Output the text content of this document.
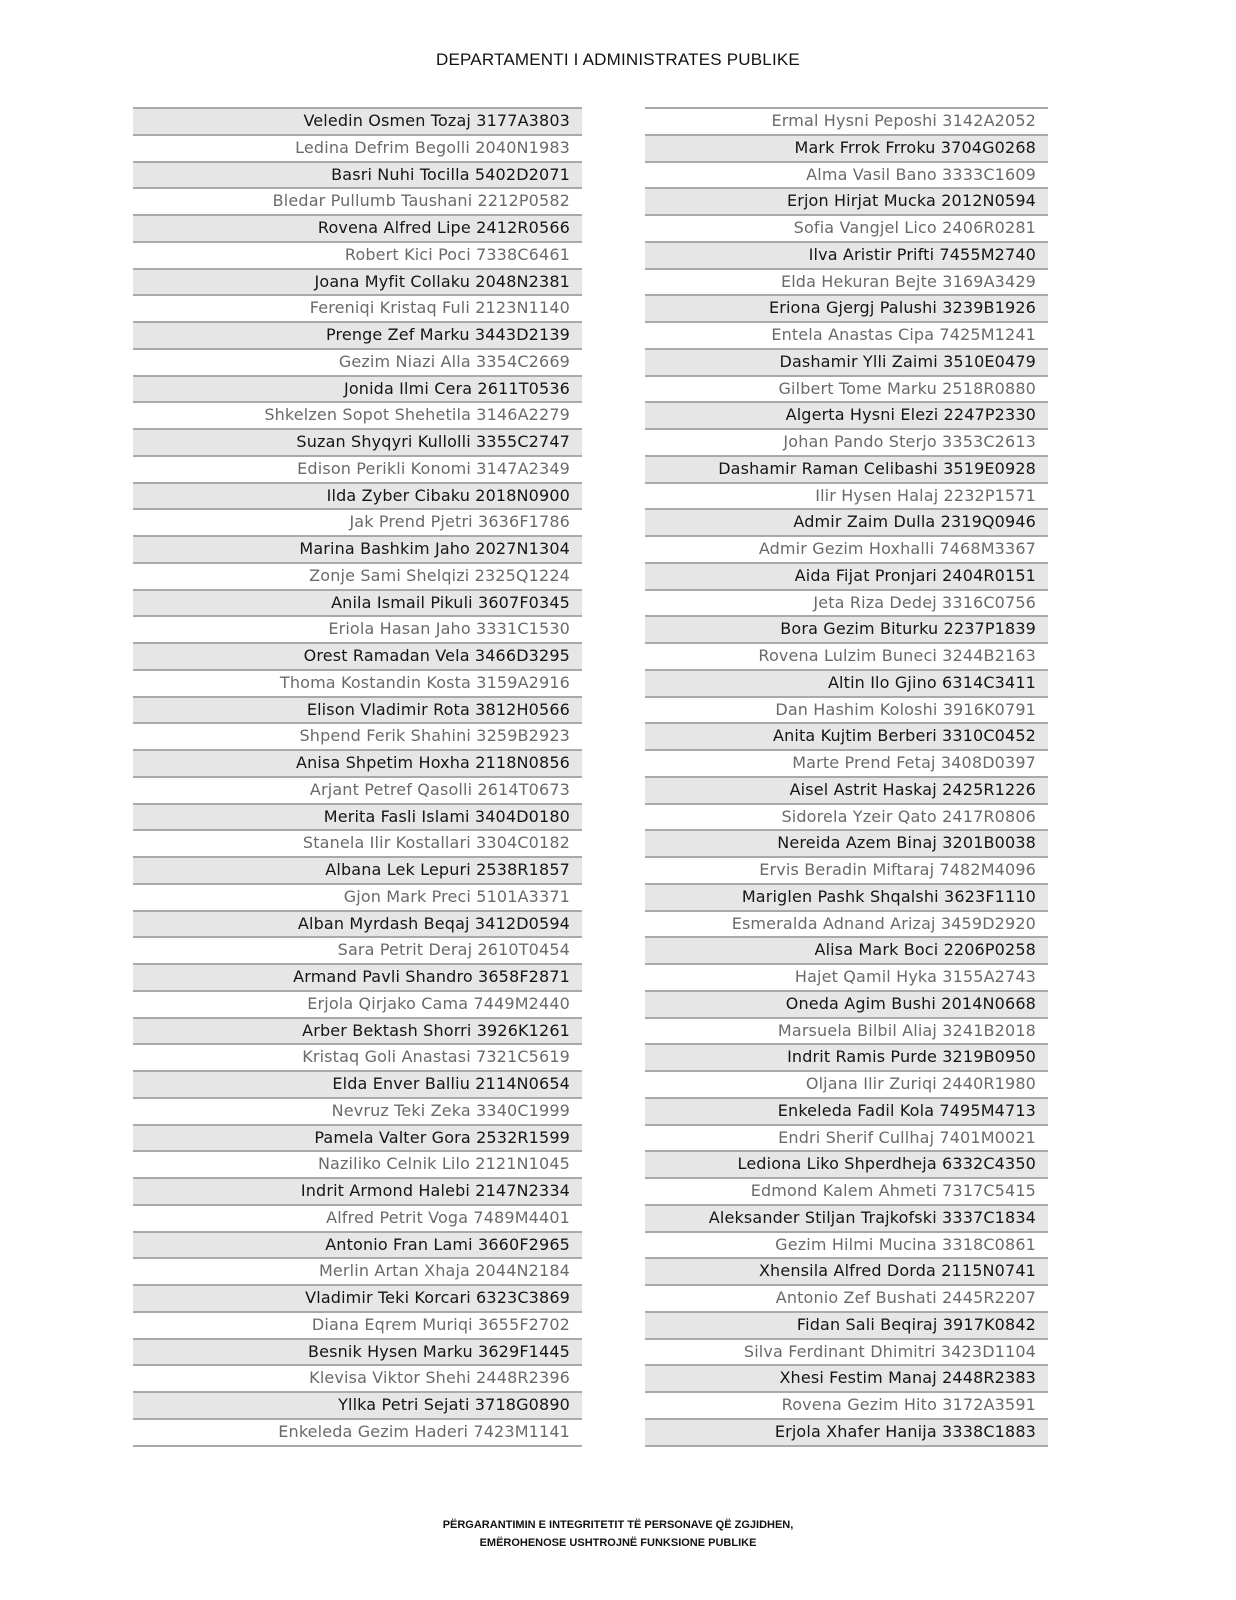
DEPARTAMENTI I ADMINISTRATES PUBLIKE
Veledin Osmen Tozaj 3177A3803
Ledina Defrim Begolli 2040N1983
Basri Nuhi Tocilla 5402D2071
Bledar Pullumb Taushani 2212P0582
Rovena Alfred Lipe 2412R0566
Robert Kici Poci 7338C6461
Joana Myfit Collaku 2048N2381
Fereniqi Kristaq Fuli 2123N1140
Prenge Zef Marku 3443D2139
Gezim Niazi Alla 3354C2669
Jonida Ilmi Cera 2611T0536
Shkelzen Sopot Shehetila 3146A2279
Suzan Shyqyri Kullolli 3355C2747
Edison Perikli Konomi 3147A2349
Ilda Zyber Cibaku 2018N0900
Jak Prend Pjetri 3636F1786
Marina Bashkim Jaho 2027N1304
Zonje Sami Shelqizi 2325Q1224
Anila Ismail Pikuli 3607F0345
Eriola Hasan Jaho 3331C1530
Orest Ramadan Vela 3466D3295
Thoma Kostandin Kosta 3159A2916
Elison Vladimir Rota 3812H0566
Shpend Ferik Shahini 3259B2923
Anisa Shpetim Hoxha 2118N0856
Arjant Petref Qasolli 2614T0673
Merita Fasli Islami 3404D0180
Stanela Ilir Kostallari 3304C0182
Albana Lek Lepuri 2538R1857
Gjon Mark Preci 5101A3371
Alban Myrdash Beqaj 3412D0594
Sara Petrit Deraj 2610T0454
Armand Pavli Shandro 3658F2871
Erjola Qirjako Cama 7449M2440
Arber Bektash Shorri 3926K1261
Kristaq Goli Anastasi 7321C5619
Elda Enver Balliu 2114N0654
Nevruz Teki Zeka 3340C1999
Pamela Valter Gora 2532R1599
Naziliko Celnik Lilo 2121N1045
Indrit Armond Halebi 2147N2334
Alfred Petrit Voga 7489M4401
Antonio Fran Lami 3660F2965
Merlin Artan Xhaja 2044N2184
Vladimir Teki Korcari 6323C3869
Diana Eqrem Muriqi 3655F2702
Besnik Hysen Marku 3629F1445
Klevisa Viktor Shehi 2448R2396
Yllka Petri Sejati 3718G0890
Enkeleda Gezim Haderi 7423M1141
Ermal Hysni Peposhi 3142A2052
Mark Frrok Frroku 3704G0268
Alma Vasil Bano 3333C1609
Erjon Hirjat Mucka 2012N0594
Sofia Vangjel Lico 2406R0281
Ilva Aristir Prifti 7455M2740
Elda Hekuran Bejte 3169A3429
Eriona Gjergj Palushi 3239B1926
Entela Anastas Cipa 7425M1241
Dashamir Ylli Zaimi 3510E0479
Gilbert Tome Marku 2518R0880
Algerta Hysni Elezi 2247P2330
Johan Pando Sterjo 3353C2613
Dashamir Raman Celibashi 3519E0928
Ilir Hysen Halaj 2232P1571
Admir Zaim Dulla 2319Q0946
Admir Gezim Hoxhalli 7468M3367
Aida Fijat Pronjari 2404R0151
Jeta Riza Dedej 3316C0756
Bora Gezim Biturku 2237P1839
Rovena Lulzim Buneci 3244B2163
Altin Ilo Gjino 6314C3411
Dan Hashim Koloshi 3916K0791
Anita Kujtim Berberi 3310C0452
Marte Prend Fetaj 3408D0397
Aisel Astrit Haskaj 2425R1226
Sidorela Yzeir Qato 2417R0806
Nereida Azem Binaj 3201B0038
Ervis Beradin Miftaraj 7482M4096
Mariglen Pashk Shqalshi 3623F1110
Esmeralda Adnand Arizaj 3459D2920
Alisa Mark Boci 2206P0258
Hajet Qamil Hyka 3155A2743
Oneda Agim Bushi 2014N0668
Marsuela Bilbil Aliaj 3241B2018
Indrit Ramis Purde 3219B0950
Oljana Ilir Zuriqi 2440R1980
Enkeleda Fadil Kola 7495M4713
Endri Sherif Cullhaj 7401M0021
Lediona Liko Shperdheja 6332C4350
Edmond Kalem Ahmeti 7317C5415
Aleksander Stiljan Trajkofski 3337C1834
Gezim Hilmi Mucina 3318C0861
Xhensila Alfred Dorda 2115N0741
Antonio Zef Bushati 2445R2207
Fidan Sali Beqiraj 3917K0842
Silva Ferdinant Dhimitri 3423D1104
Xhesi Festim Manaj 2448R2383
Rovena Gezim Hito 3172A3591
Erjola Xhafer Hanija 3338C1883
PËRGARANTIMIN E INTEGRITETIT TË PERSONAVE QË ZGJIDHEN,
EMËROHENOSE USHTROJNË FUNKSIONE PUBLIKE
